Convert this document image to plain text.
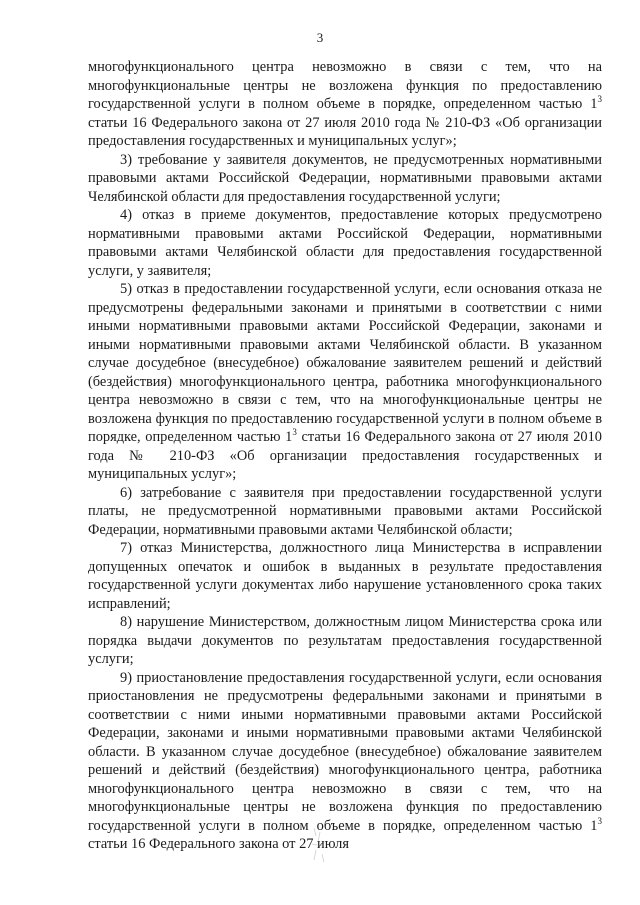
3

многофункционального центра невозможно в связи с тем, что на многофункциональные центры не возложена функция по предоставлению государственной услуги в полном объеме в порядке, определенном частью $1^3$ статьи 16 Федерального закона от 27 июля 2010 года № 210-ФЗ «Об организации предоставления государственных и муниципальных услуг»;

3) требование у заявителя документов, не предусмотренных нормативными правовыми актами Российской Федерации, нормативными правовыми актами Челябинской области для предоставления государственной услуги;

4) отказ в приеме документов, предоставление которых предусмотрено нормативными правовыми актами Российской Федерации, нормативными правовыми актами Челябинской области для предоставления государственной услуги, у заявителя;

5) отказ в предоставлении государственной услуги, если основания отказа не предусмотрены федеральными законами и принятыми в соответствии с ними иными нормативными правовыми актами Российской Федерации, законами и иными нормативными правовыми актами Челябинской области. В указанном случае досудебное (внесудебное) обжалование заявителем решений и действий (бездействия) многофункционального центра, работника многофункционального центра невозможно в связи с тем, что на многофункциональные центры не возложена функция по предоставлению государственной услуги в полном объеме в порядке, определенном частью $1^3$ статьи 16 Федерального закона от 27 июля 2010 года № 210-ФЗ «Об организации предоставления государственных и муниципальных услуг»;

6) затребование с заявителя при предоставлении государственной услуги платы, не предусмотренной нормативными правовыми актами Российской Федерации, нормативными правовыми актами Челябинской области;

7) отказ Министерства, должностного лица Министерства в исправлении допущенных опечаток и ошибок в выданных в результате предоставления государственной услуги документах либо нарушение установленного срока таких исправлений;

8) нарушение Министерством, должностным лицом Министерства срока или порядка выдачи документов по результатам предоставления государственной услуги;

9) приостановление предоставления государственной услуги, если основания приостановления не предусмотрены федеральными законами и принятыми в соответствии с ними иными нормативными правовыми актами Российской Федерации, законами и иными нормативными правовыми актами Челябинской области. В указанном случае досудебное (внесудебное) обжалование заявителем решений и действий (бездействия) многофункционального центра, работника многофункционального центра невозможно в связи с тем, что на многофункциональные центры не возложена функция по предоставлению государственной услуги в полном объеме в порядке, определенном частью $1^3$ статьи 16 Федерального закона от 27 июля
